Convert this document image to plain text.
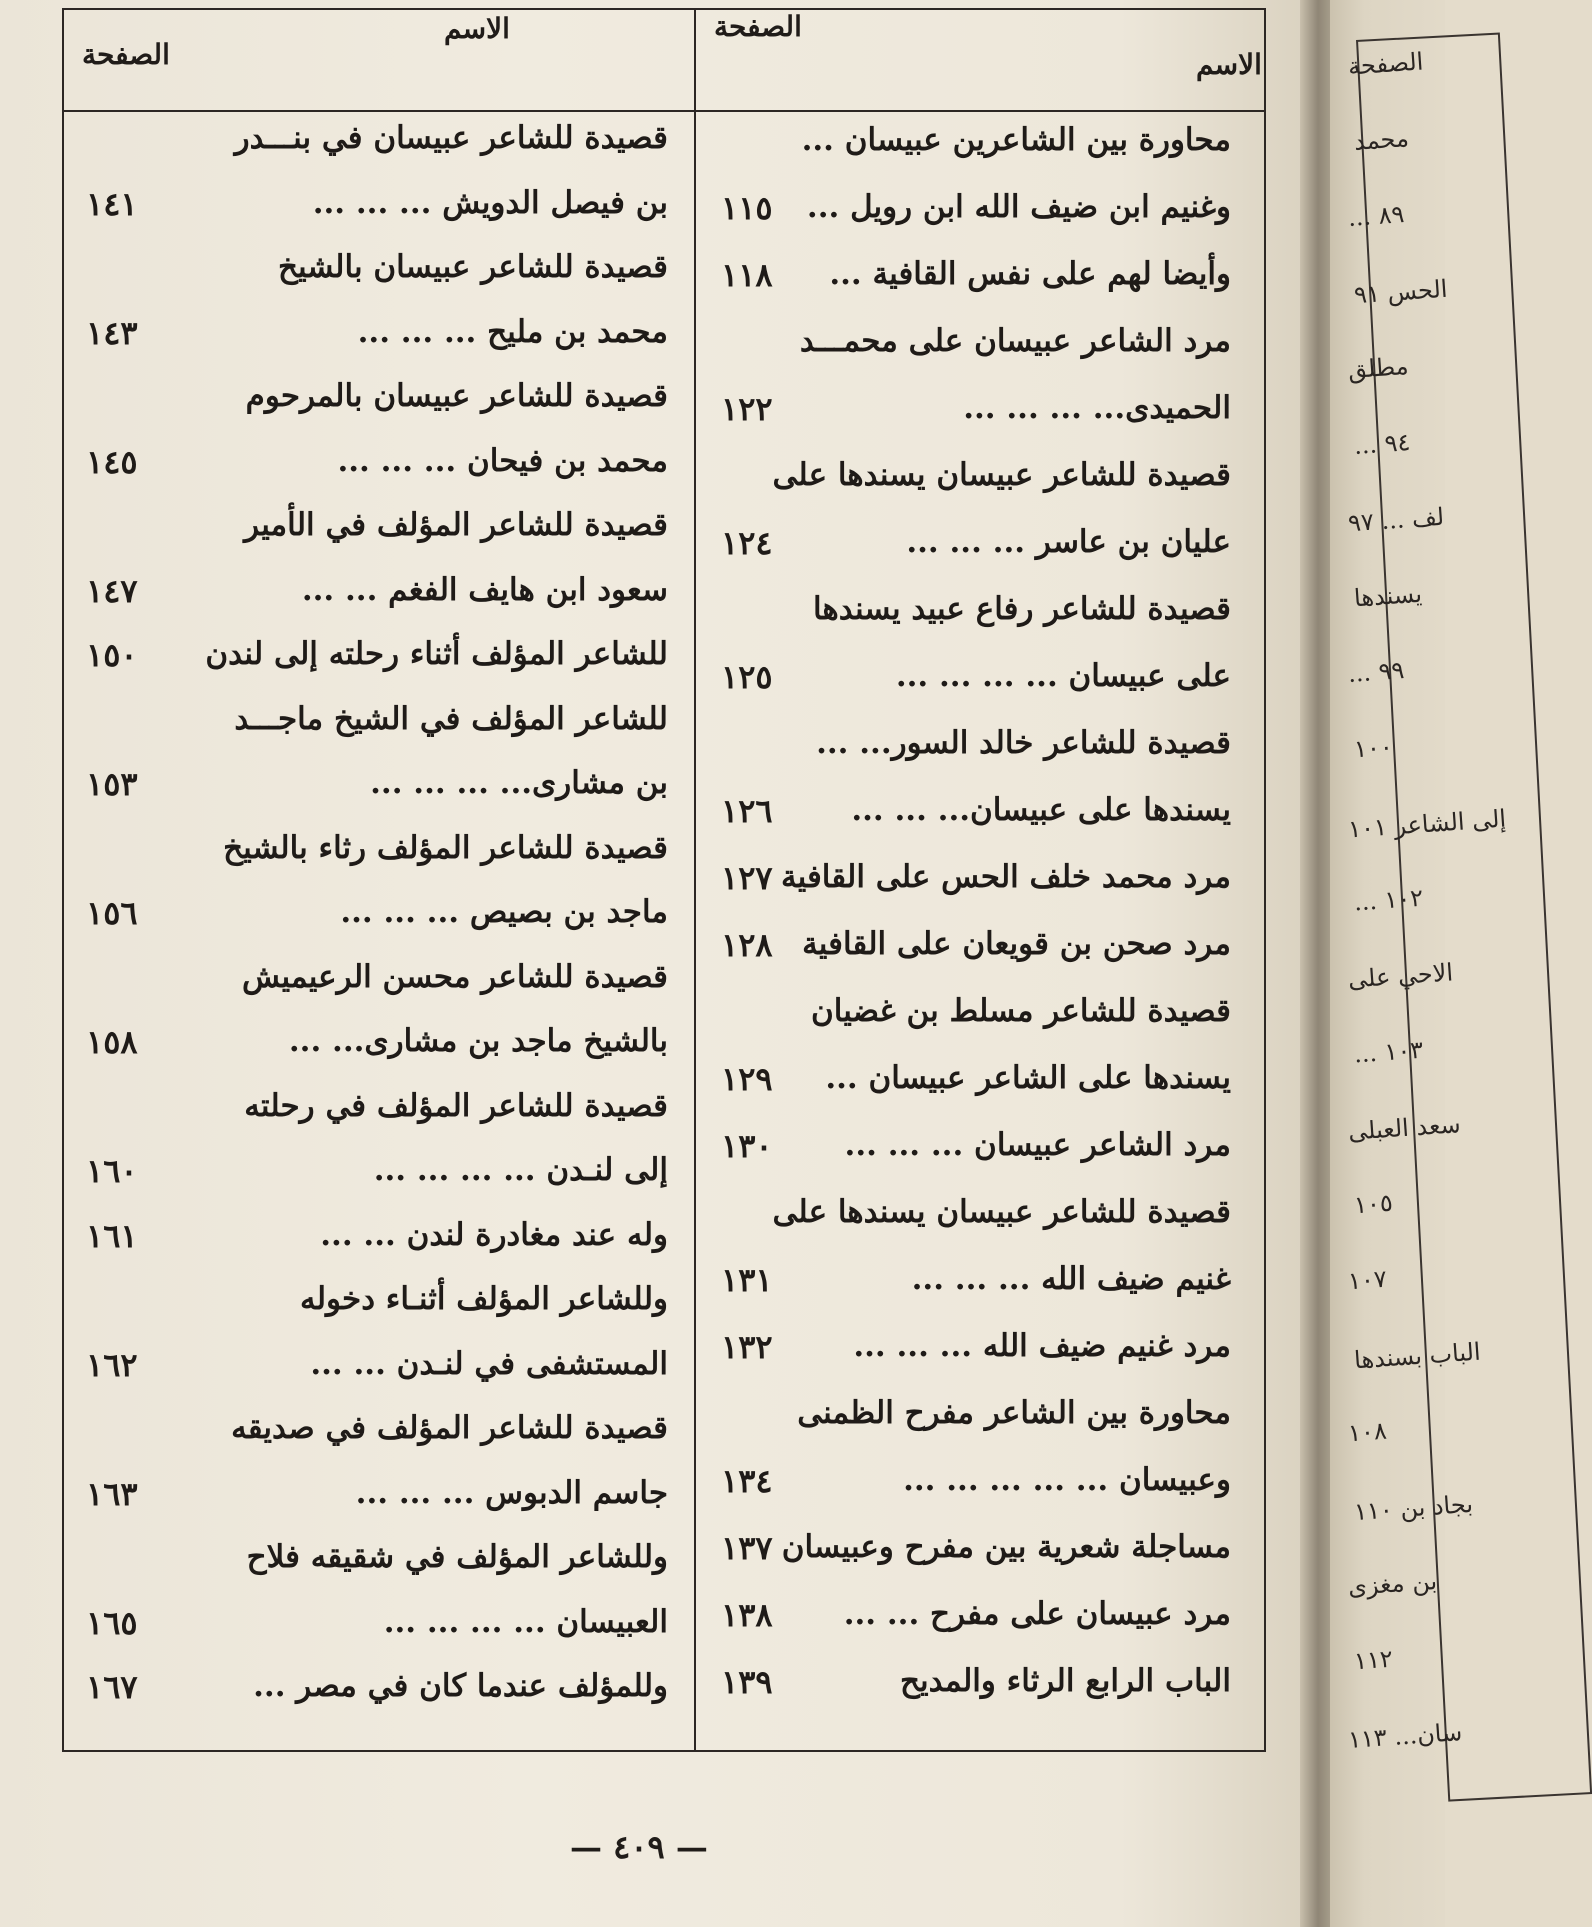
الاسم
الصفحة
الاسم
الصفحة
محاورة بين الشاعرين عبيسان ...
وغنيم ابن ضيف الله ابن رويل ...
١١٥
وأيضا لهم على نفس القافية ...
١١٨
مرد الشاعر عبيسان على محمـــد
الحميدى... ... ... ...
١٢٢
قصيدة للشاعر عبيسان يسندها على
عليان بن عاسر ... ... ...
١٢٤
قصيدة للشاعر رفاع عبيد يسندها
على عبيسان ... ... ... ...
١٢٥
قصيدة للشاعر خالد السور... ...
يسندها على عبيسان... ... ...
١٢٦
مرد محمد خلف الحس على القافية
١٢٧
مرد صحن بن قويعان على القافية
١٢٨
قصيدة للشاعر مسلط بن غضيان
يسندها على الشاعر عبيسان ...
١٢٩
مرد الشاعر عبيسان ... ... ...
١٣٠
قصيدة للشاعر عبيسان يسندها على
غنيم ضيف الله ... ... ...
١٣١
مرد غنيم ضيف الله ... ... ...
١٣٢
محاورة بين الشاعر مفرح الظمنى
وعبيسان ... ... ... ... ...
١٣٤
مساجلة شعرية بين مفرح وعبيسان
١٣٧
مرد عبيسان على مفرح ... ...
١٣٨
الباب الرابع الرثاء والمديح
١٣٩
قصيدة للشاعر عبيسان في بنـــدر
بن فيصل الدويش ... ... ...
١٤١
قصيدة للشاعر عبيسان بالشيخ
محمد بن مليح ... ... ...
١٤٣
قصيدة للشاعر عبيسان بالمرحوم
محمد بن فيحان ... ... ...
١٤٥
قصيدة للشاعر المؤلف في الأمير
سعود ابن هايف الفغم ... ...
١٤٧
للشاعر المؤلف أثناء رحلته إلى لندن
١٥٠
للشاعر المؤلف في الشيخ ماجـــد
بن مشارى... ... ... ...
١٥٣
قصيدة للشاعر المؤلف رثاء بالشيخ
ماجد بن بصيص ... ... ...
١٥٦
قصيدة للشاعر محسن الرعيميش
بالشيخ ماجد بن مشارى... ...
١٥٨
قصيدة للشاعر المؤلف في رحلته
إلى لنـدن ... ... ... ...
١٦٠
وله عند مغادرة لندن ... ...
١٦١
وللشاعر المؤلف أثنـاء دخوله
المستشفى في لنـدن ... ...
١٦٢
قصيدة للشاعر المؤلف في صديقه
جاسم الدبوس ... ... ...
١٦٣
وللشاعر المؤلف في شقيقه فلاح
العبيسان ... ... ... ...
١٦٥
وللمؤلف عندما كان في مصر ...
١٦٧
— ٤٠٩ —
الصفحة
محمد
... ٨٩
الحس ٩١
مطلق
... ٩٤
لف ... ٩٧
يسندها
... ٩٩
١٠٠
إلى الشاعر ١٠١
... ١٠٢
الاحي على
... ١٠٣
سعد العبلى
١٠٥
١٠٧
الباب بسندها
١٠٨
بجاد بن ١١٠
بن مغزى
١١٢
سان... ١١٣
